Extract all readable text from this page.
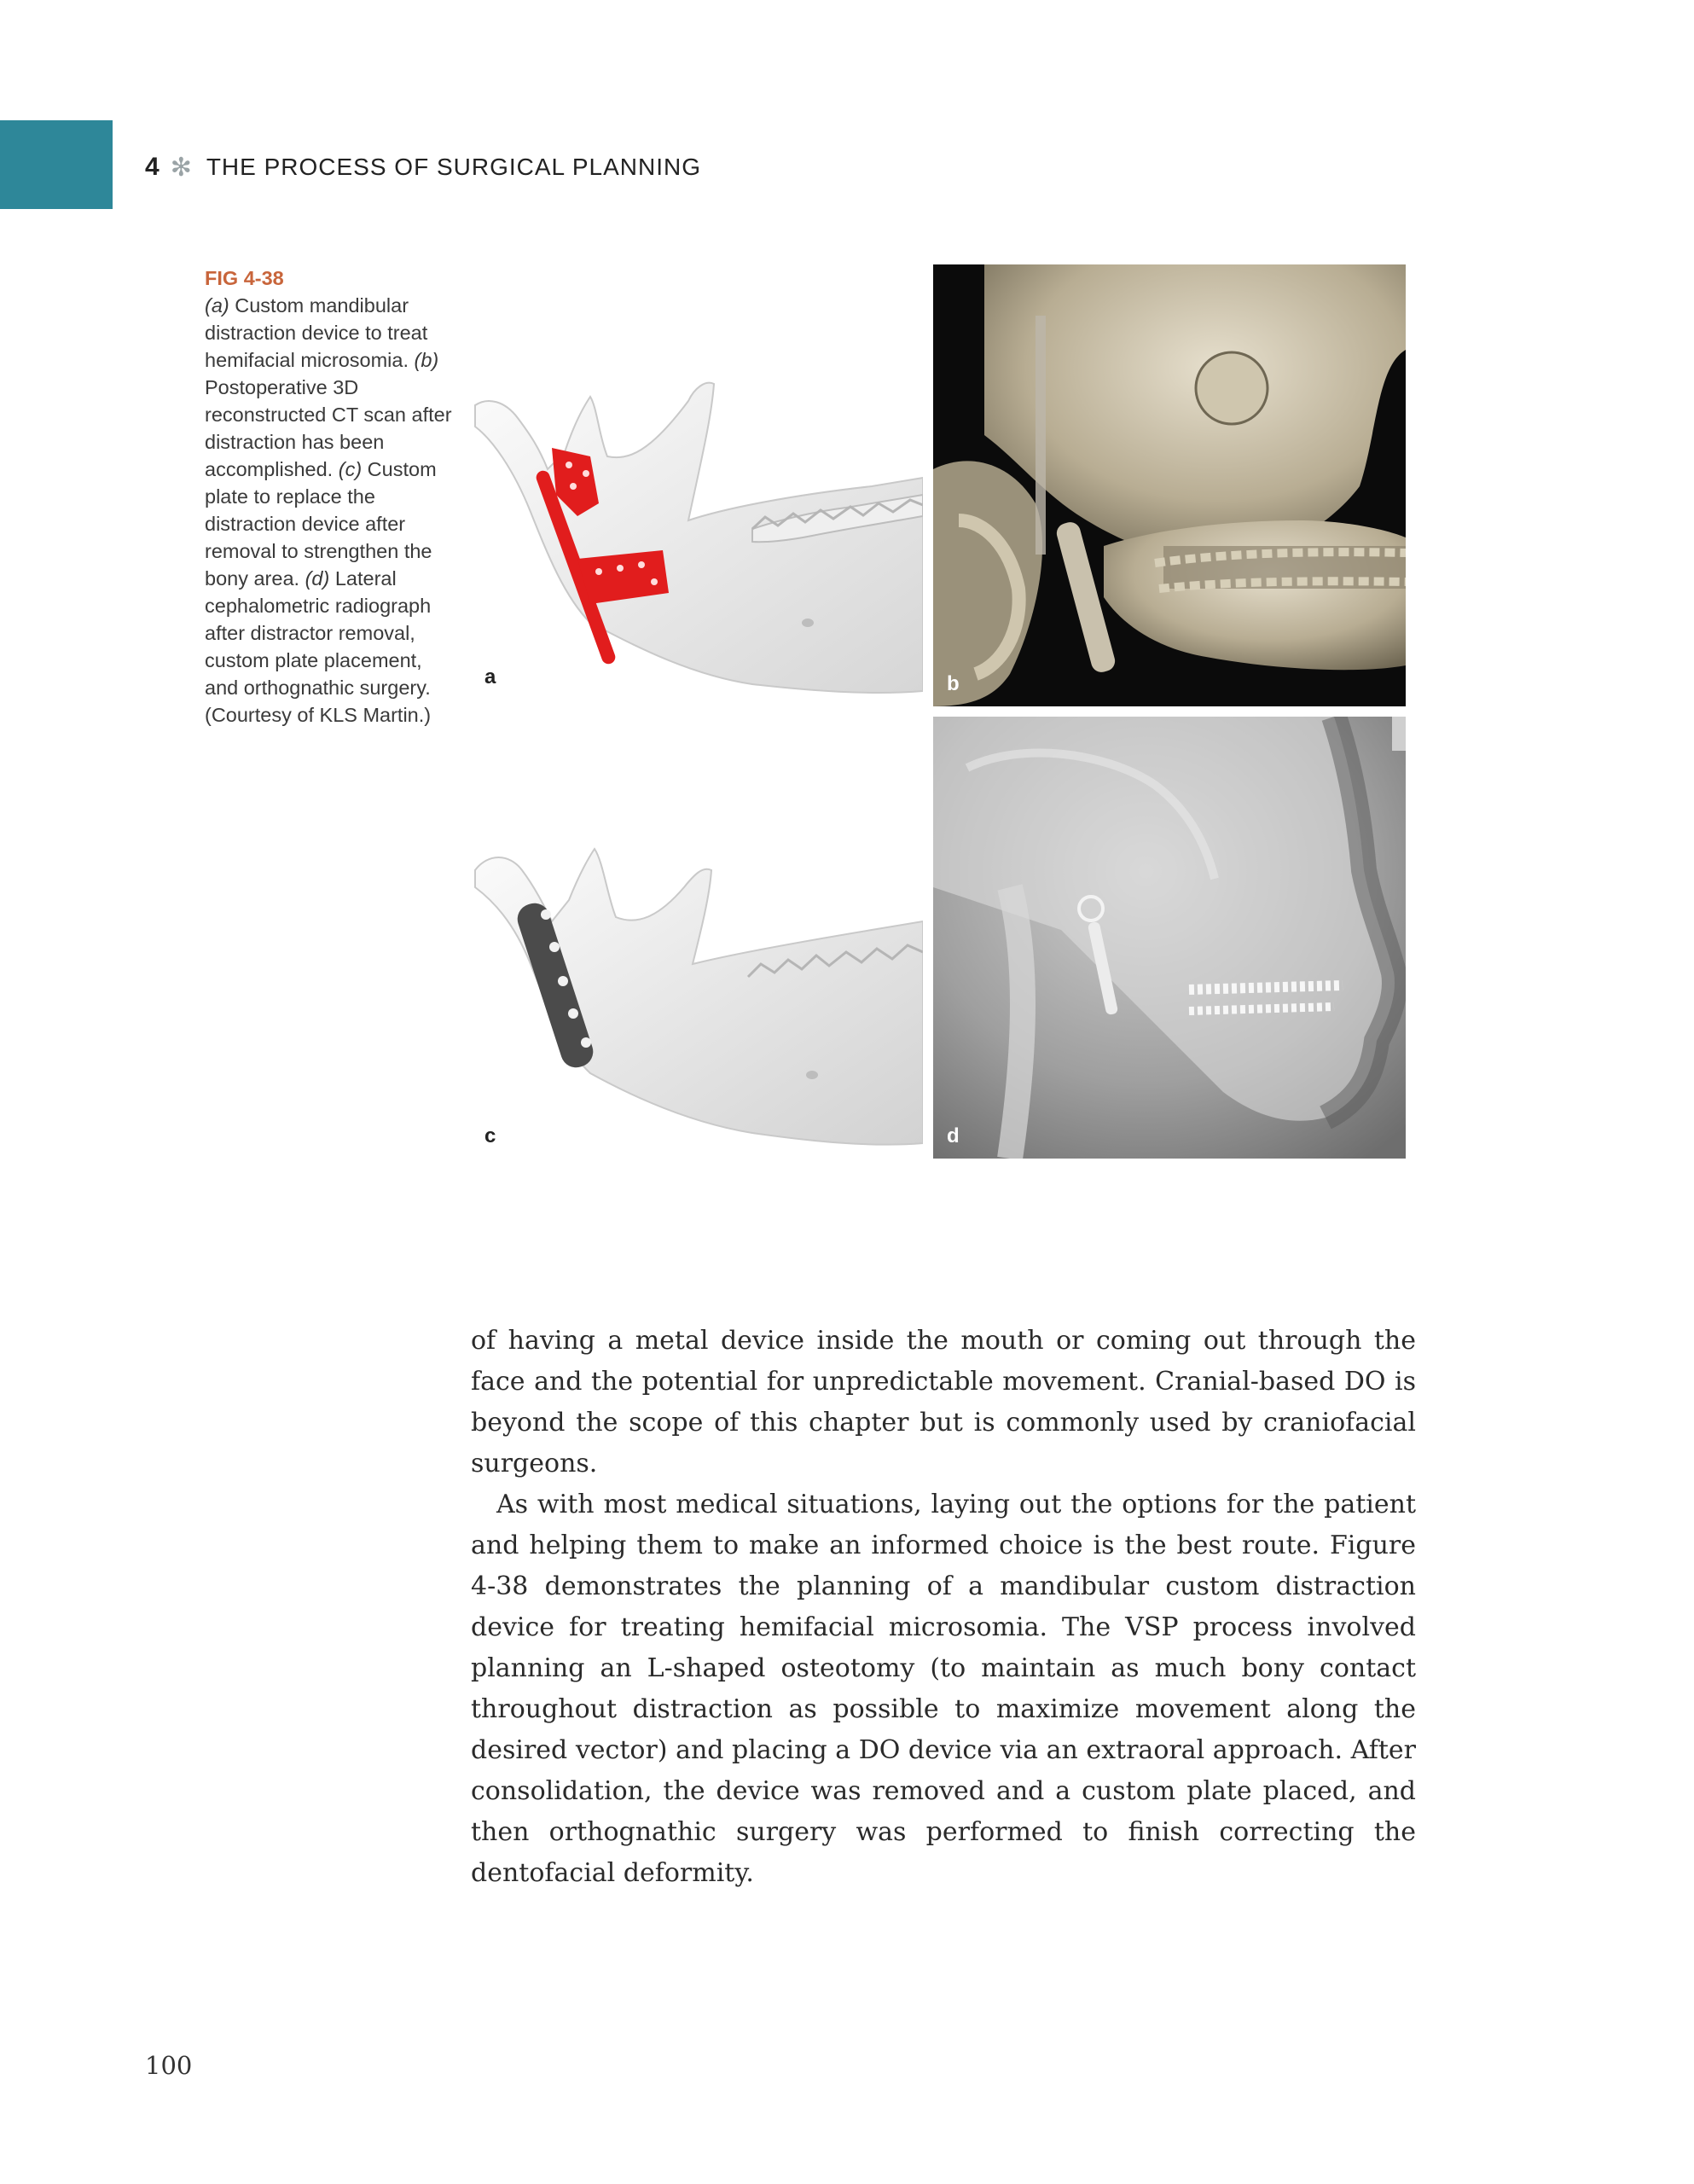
4 ✻ THE PROCESS OF SURGICAL PLANNING
FIG 4-38
(a) Custom mandibular distraction device to treat hemifacial microsomia. (b) Postoperative 3D reconstructed CT scan after distraction has been accomplished. (c) Custom plate to replace the distraction device after removal to strengthen the bony area. (d) Lateral cephalometric radiograph after distractor removal, custom plate placement, and orthognathic surgery. (Courtesy of KLS Martin.)
a	b
c	d

of having a metal device inside the mouth or coming out through the face and the potential for unpredictable movement. Cranial-based DO is beyond the scope of this chapter but is commonly used by craniofacial surgeons.

As with most medical situations, laying out the options for the patient and helping them to make an informed choice is the best route. Figure 4-38 demonstrates the planning of a mandibular custom distraction device for treating hemifacial microsomia. The VSP process involved planning an L-shaped osteotomy (to maintain as much bony contact throughout distraction as possible to maximize movement along the desired vector) and placing a DO device via an extraoral approach. After consolidation, the device was removed and a custom plate placed, and then orthognathic surgery was performed to finish correcting the dentofacial deformity.

100
